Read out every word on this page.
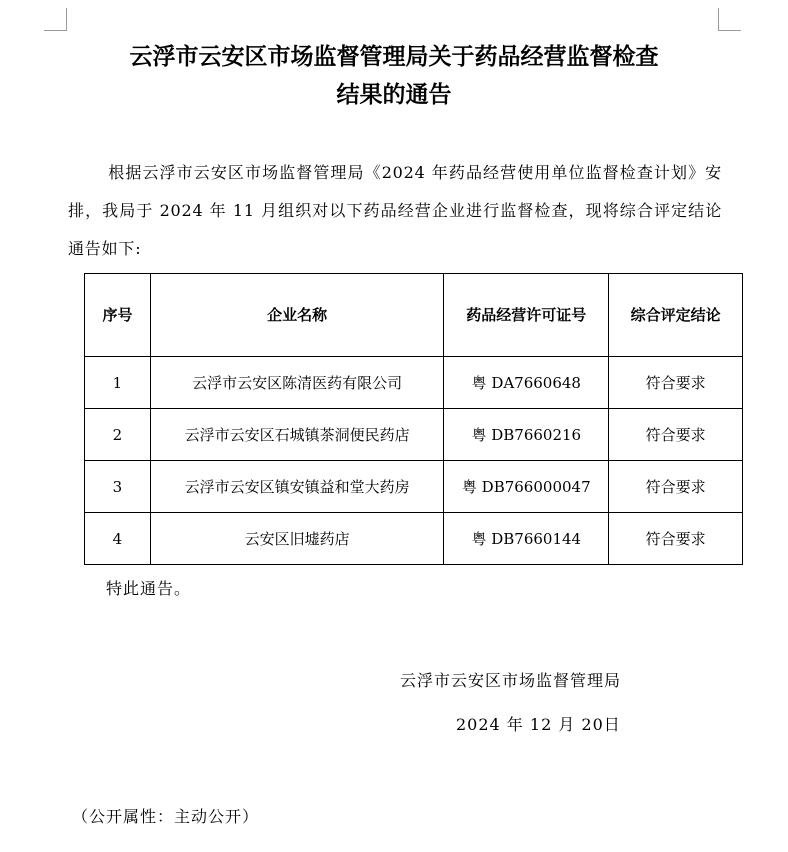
云浮市云安区市场监督管理局关于药品经营监督检查
结果的通告
根据云浮市云安区市场监督管理局《2024 年药品经营使用单位监督检查计划》安排，我局于 2024 年 11 月组织对以下药品经营企业进行监督检查，现将综合评定结论通告如下:
序号	企业名称	药品经营许可证号	综合评定结论
1	云浮市云安区陈清医药有限公司	粤 DA7660648	符合要求
2	云浮市云安区石城镇茶洞便民药店	粤 DB7660216	符合要求
3	云浮市云安区镇安镇益和堂大药房	粤 DB766000047	符合要求
4	云安区旧墟药店	粤 DB7660144	符合要求
特此通告。
云浮市云安区市场监督管理局
2024 年 12 月 20日
（公开属性：主动公开）
